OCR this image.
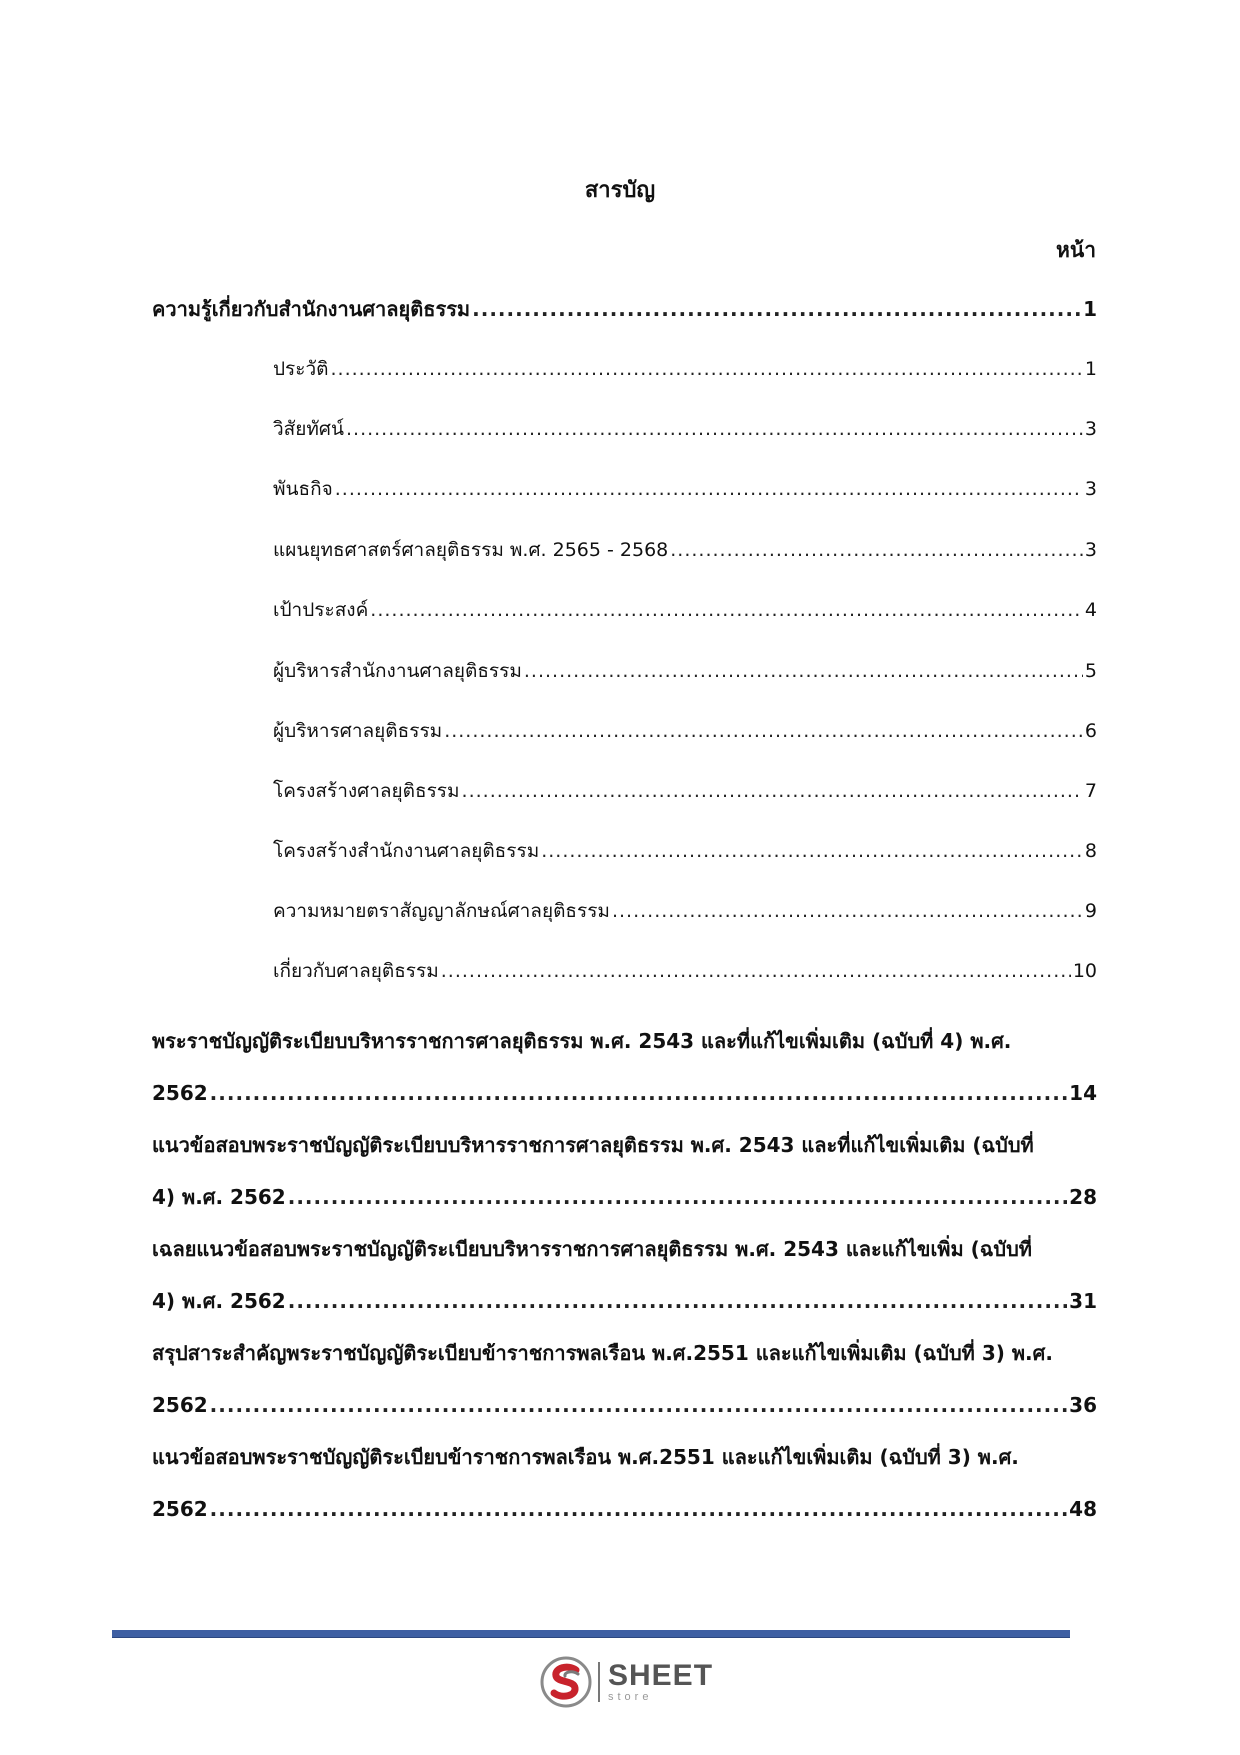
สารบัญ
หน้า
ความรู้เกี่ยวกับสำนักงานศาลยุติธรรม .....	1
ประวัติ .....	1
วิสัยทัศน์ .....	3
พันธกิจ .....	3
แผนยุทธศาสตร์ศาลยุติธรรม พ.ศ. 2565 - 2568 .....	3
เป้าประสงค์ .....	4
ผู้บริหารสำนักงานศาลยุติธรรม .....	5
ผู้บริหารศาลยุติธรรม .....	6
โครงสร้างศาลยุติธรรม .....	7
โครงสร้างสำนักงานศาลยุติธรรม .....	8
ความหมายตราสัญญาลักษณ์ศาลยุติธรรม .....	9
เกี่ยวกับศาลยุติธรรม .....	10
พระราชบัญญัติระเบียบบริหารราชการศาลยุติธรรม พ.ศ. 2543 และที่แก้ไขเพิ่มเติม (ฉบับที่ 4) พ.ศ.
2562 .....	14
แนวข้อสอบพระราชบัญญัติระเบียบบริหารราชการศาลยุติธรรม พ.ศ. 2543 และที่แก้ไขเพิ่มเติม (ฉบับที่
4) พ.ศ. 2562 .....	28
เฉลยแนวข้อสอบพระราชบัญญัติระเบียบบริหารราชการศาลยุติธรรม พ.ศ. 2543 และแก้ไขเพิ่ม (ฉบับที่
4) พ.ศ. 2562 .....	31
สรุปสาระสำคัญพระราชบัญญัติระเบียบข้าราชการพลเรือน พ.ศ.2551 และแก้ไขเพิ่มเติม (ฉบับที่ 3) พ.ศ.
2562 .....	36
แนวข้อสอบพระราชบัญญัติระเบียบข้าราชการพลเรือน พ.ศ.2551 และแก้ไขเพิ่มเติม (ฉบับที่ 3) พ.ศ.
2562 .....	48
SHEET
store
